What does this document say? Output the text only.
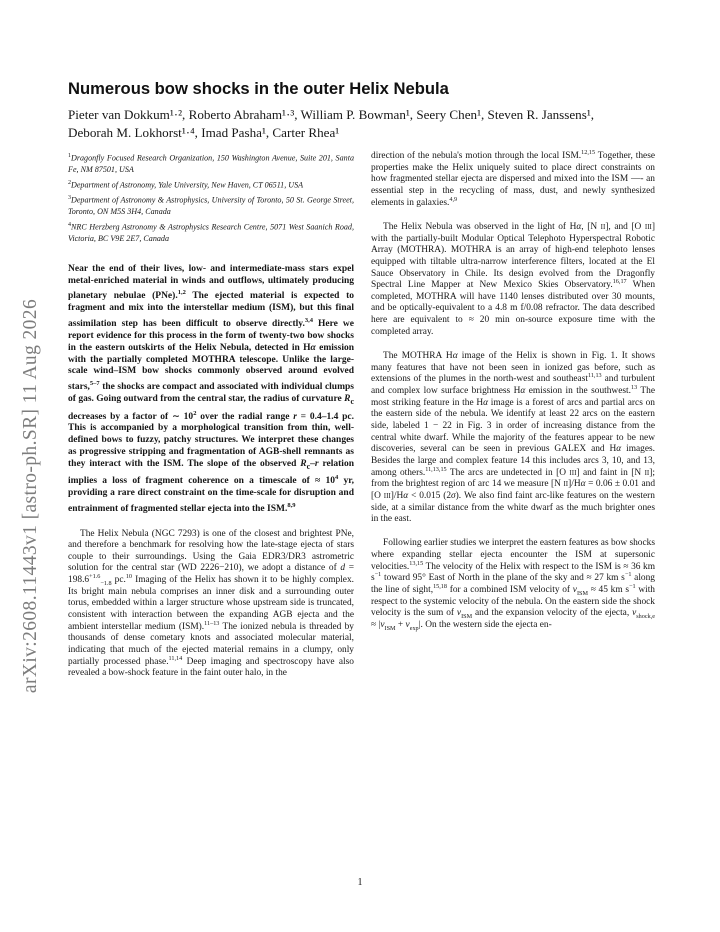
arXiv:2608.11443v1 [astro-ph.SR] 11 Aug 2026
Numerous bow shocks in the outer Helix Nebula
Pieter van Dokkum¹·², Roberto Abraham¹·³, William P. Bowman¹, Seery Chen¹, Steven R. Janssens¹,
Deborah M. Lokhorst¹·⁴, Imad Pasha¹, Carter Rhea¹

$^1$Dragonfly Focused Research Organization, 150 Washington Avenue, Suite 201, Santa Fe, NM 87501, USA

$^2$Department of Astronomy, Yale University, New Haven, CT 06511, USA

$^3$Department of Astronomy & Astrophysics, University of Toronto, 50 St. George Street, Toronto, ON M5S 3H4, Canada

$^4$NRC Herzberg Astronomy & Astrophysics Research Centre, 5071 West Saanich Road, Victoria, BC V9E 2E7, Canada

Near the end of their lives, low- and intermediate-mass stars expel metal-enriched material in winds and outflows, ultimately producing planetary nebulae (PNe).$^{1,2}$ The ejected material is expected to fragment and mix into the interstellar medium (ISM), but this final assimilation step has been difficult to observe directly.$^{3,4}$ Here we report evidence for this process in the form of twenty-two bow shocks in the eastern outskirts of the Helix Nebula, detected in Hα emission with the partially completed MOTHRA telescope. Unlike the large-scale wind–ISM bow shocks commonly observed around evolved stars,$^{5-7}$ the shocks are compact and associated with individual clumps of gas. Going outward from the central star, the radius of curvature $R_c$ decreases by a factor of ∼ $10^2$ over the radial range r = 0.4–1.4 pc. This is accompanied by a morphological transition from thin, well-defined bows to fuzzy, patchy structures. We interpret these changes as progressive stripping and fragmentation of AGB-shell remnants as they interact with the ISM. The slope of the observed $R_c-r$ relation implies a loss of fragment coherence on a timescale of ≈ $10^4$ yr, providing a rare direct constraint on the time-scale for disruption and entrainment of fragmented stellar ejecta into the ISM.$^{8,9}$

The Helix Nebula (NGC 7293) is one of the closest and brightest PNe, and therefore a benchmark for resolving how the late-stage ejecta of stars couple to their surroundings. Using the Gaia EDR3/DR3 astrometric solution for the central star (WD 2226−210), we adopt a distance of $d = 198.6^{+1.6}_{-1.8}$ pc.$^{10}$ Imaging of the Helix has shown it to be highly complex. Its bright main nebula comprises an inner disk and a surrounding outer torus, embedded within a larger structure whose upstream side is truncated, consistent with interaction between the expanding AGB ejecta and the ambient interstellar medium (ISM).$^{11-13}$ The ionized nebula is threaded by thousands of dense cometary knots and associated molecular material, indicating that much of the ejected material remains in a clumpy, only partially processed phase.$^{11,14}$ Deep imaging and spectroscopy have also revealed a bow-shock feature in the faint outer halo, in the

direction of the nebula's motion through the local ISM.$^{12,15}$ Together, these properties make the Helix uniquely suited to place direct constraints on how fragmented stellar ejecta are dispersed and mixed into the ISM —- an essential step in the recycling of mass, dust, and newly synthesized elements in galaxies.$^{4,9}$

The Helix Nebula was observed in the light of Hα, [N ii], and [O iii] with the partially-built Modular Optical Telephoto Hyperspectral Robotic Array (MOTHRA). MOTHRA is an array of high-end telephoto lenses equipped with tiltable ultra-narrow interference filters, located at the El Sauce Observatory in Chile. Its design evolved from the Dragonfly Spectral Line Mapper at New Mexico Skies Observatory.$^{16,17}$ When completed, MOTHRA will have 1140 lenses distributed over 30 mounts, and be optically-equivalent to a 4.8 m f/0.08 refractor. The data described here are equivalent to ≈ 20 min on-source exposure time with the completed array.

The MOTHRA Hα image of the Helix is shown in Fig. 1. It shows many features that have not been seen in ionized gas before, such as extensions of the plumes in the north-west and southeast$^{11,13}$ and turbulent and complex low surface brightness Hα emission in the southwest.$^{13}$ The most striking feature in the Hα image is a forest of arcs and partial arcs on the eastern side of the nebula. We identify at least 22 arcs on the eastern side, labeled 1 − 22 in Fig. 3 in order of increasing distance from the central white dwarf. While the majority of the features appear to be new discoveries, several can be seen in previous GALEX and Hα images. Besides the large and complex feature 14 this includes arcs 3, 10, and 13, among others.$^{11,13,15}$ The arcs are undetected in [O iii] and faint in [N ii]; from the brightest region of arc 14 we measure [N ii]/Hα = 0.06 ± 0.01 and [O iii]/Hα < 0.015 (2σ). We also find faint arc-like features on the western side, at a similar distance from the white dwarf as the much brighter ones in the east.

Following earlier studies we interpret the eastern features as bow shocks where expanding stellar ejecta encounter the ISM at supersonic velocities.$^{13,15}$ The velocity of the Helix with respect to the ISM is ≈ 36 km $s^{-1}$ toward 95° East of North in the plane of the sky and ≈ 27 km $s^{-1}$ along the line of sight,$^{15,18}$ for a combined ISM velocity of $v_{ISM} \approx 45$ km $s^{-1}$ with respect to the systemic velocity of the nebula. On the eastern side the shock velocity is the sum of $v_{ISM}$ and the expansion velocity of the ejecta, $v_{shock,e} \approx |v_{ISM} + v_{exp}|$. On the western side the ejecta en-

1
